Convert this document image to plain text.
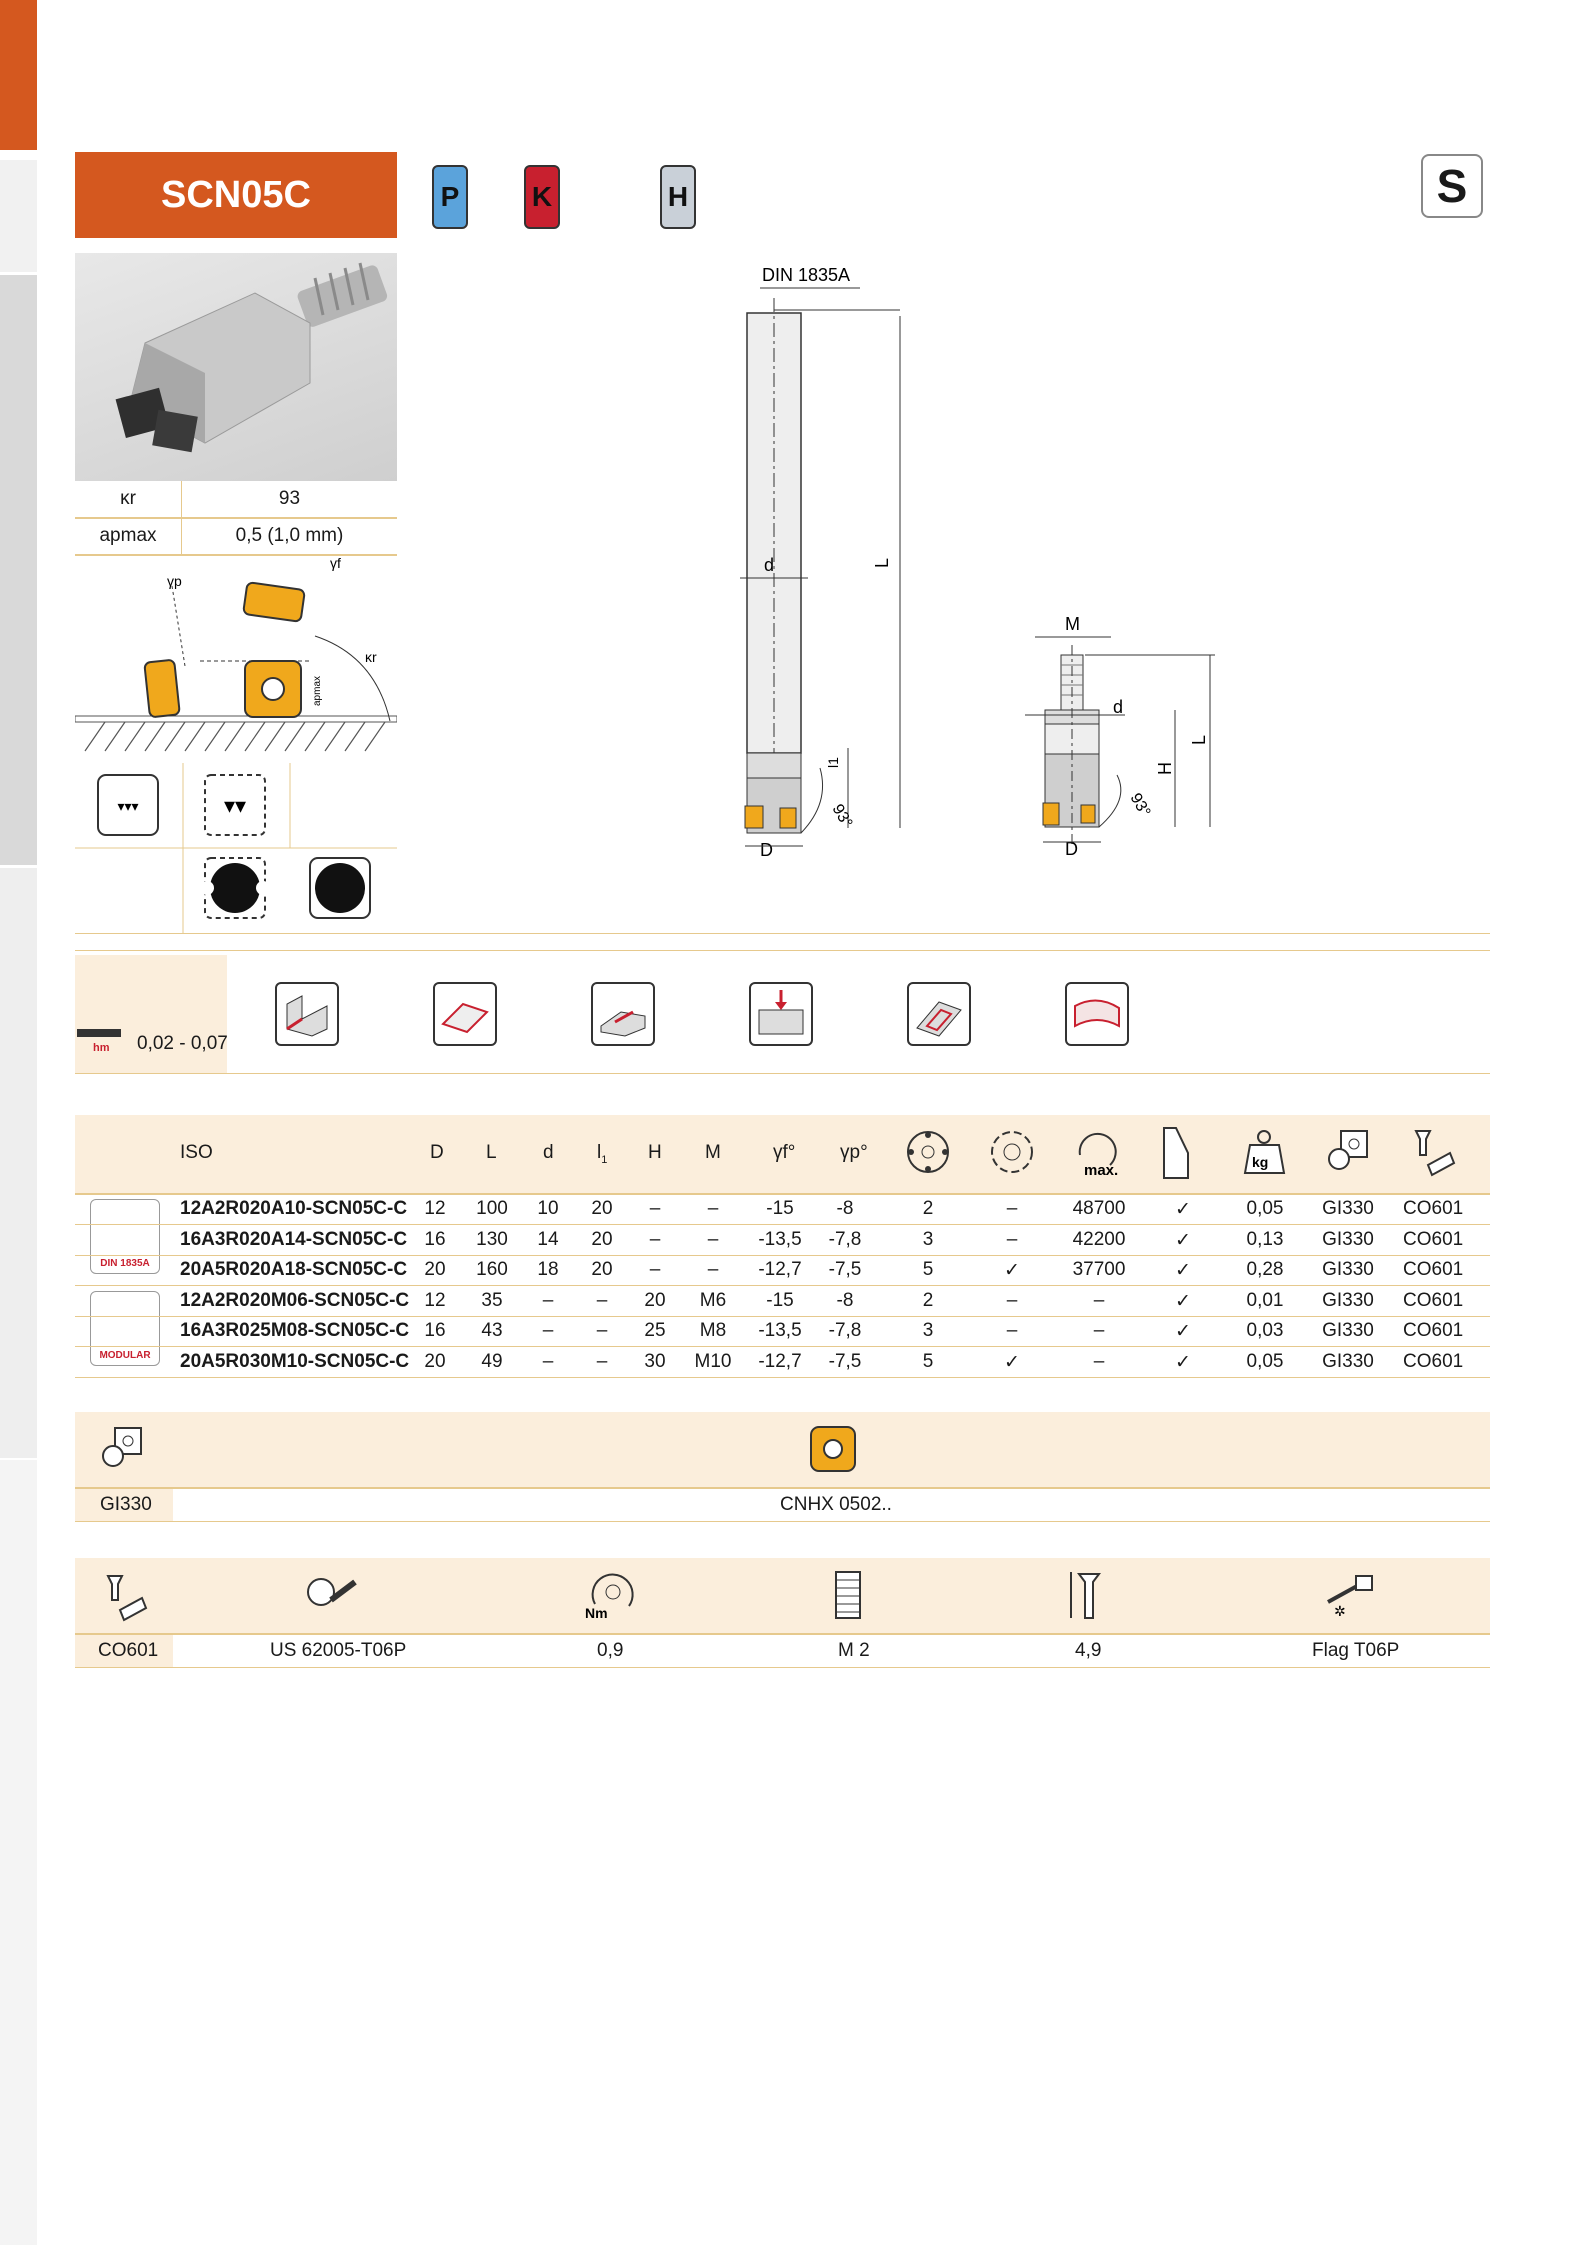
SCN05C	P	K	H	S
κr	93
apmax	0,5 (1,0 mm)
γp
γf
κr
apmax
▾▾▾	▾▾
DIN 1835A
L
d
D
93°
l1
M
d
L
H
93°
D
hm 0,02 - 0,07
ISO	D L d $l_1$ H M	γf° γp°
max.	kg
DIN 1835A
MODULAR
12A2R020A10-SCN05C-C 12	100	10	20	–	–	-15	-8	2	–	48700	✓	0,05	GI330 CO601
16A3R020A14-SCN05C-C 16	130	14	20	–	–	-13,5	-7,8	3	–	42200	✓	0,13	GI330 CO601
20A5R020A18-SCN05C-C 20	160	18	20	–	–	-12,7	-7,5	5	✓	37700	✓	0,28	GI330 CO601
12A2R020M06-SCN05C-C 12	35	–	–	20	M6	-15	-8	2	–	–	✓	0,01	GI330 CO601
16A3R025M08-SCN05C-C 16	43	–	–	25	M8	-13,5	-7,8	3	–	–	✓	0,03	GI330 CO601
20A5R030M10-SCN05C-C 20	49	–	–	30	M10	-12,7	-7,5	5	✓	–	✓	0,05	GI330 CO601
GI330	CNHX 0502..
Nm	✲
CO601	US 62005-T06P	0,9	M 2	4,9	Flag T06P
